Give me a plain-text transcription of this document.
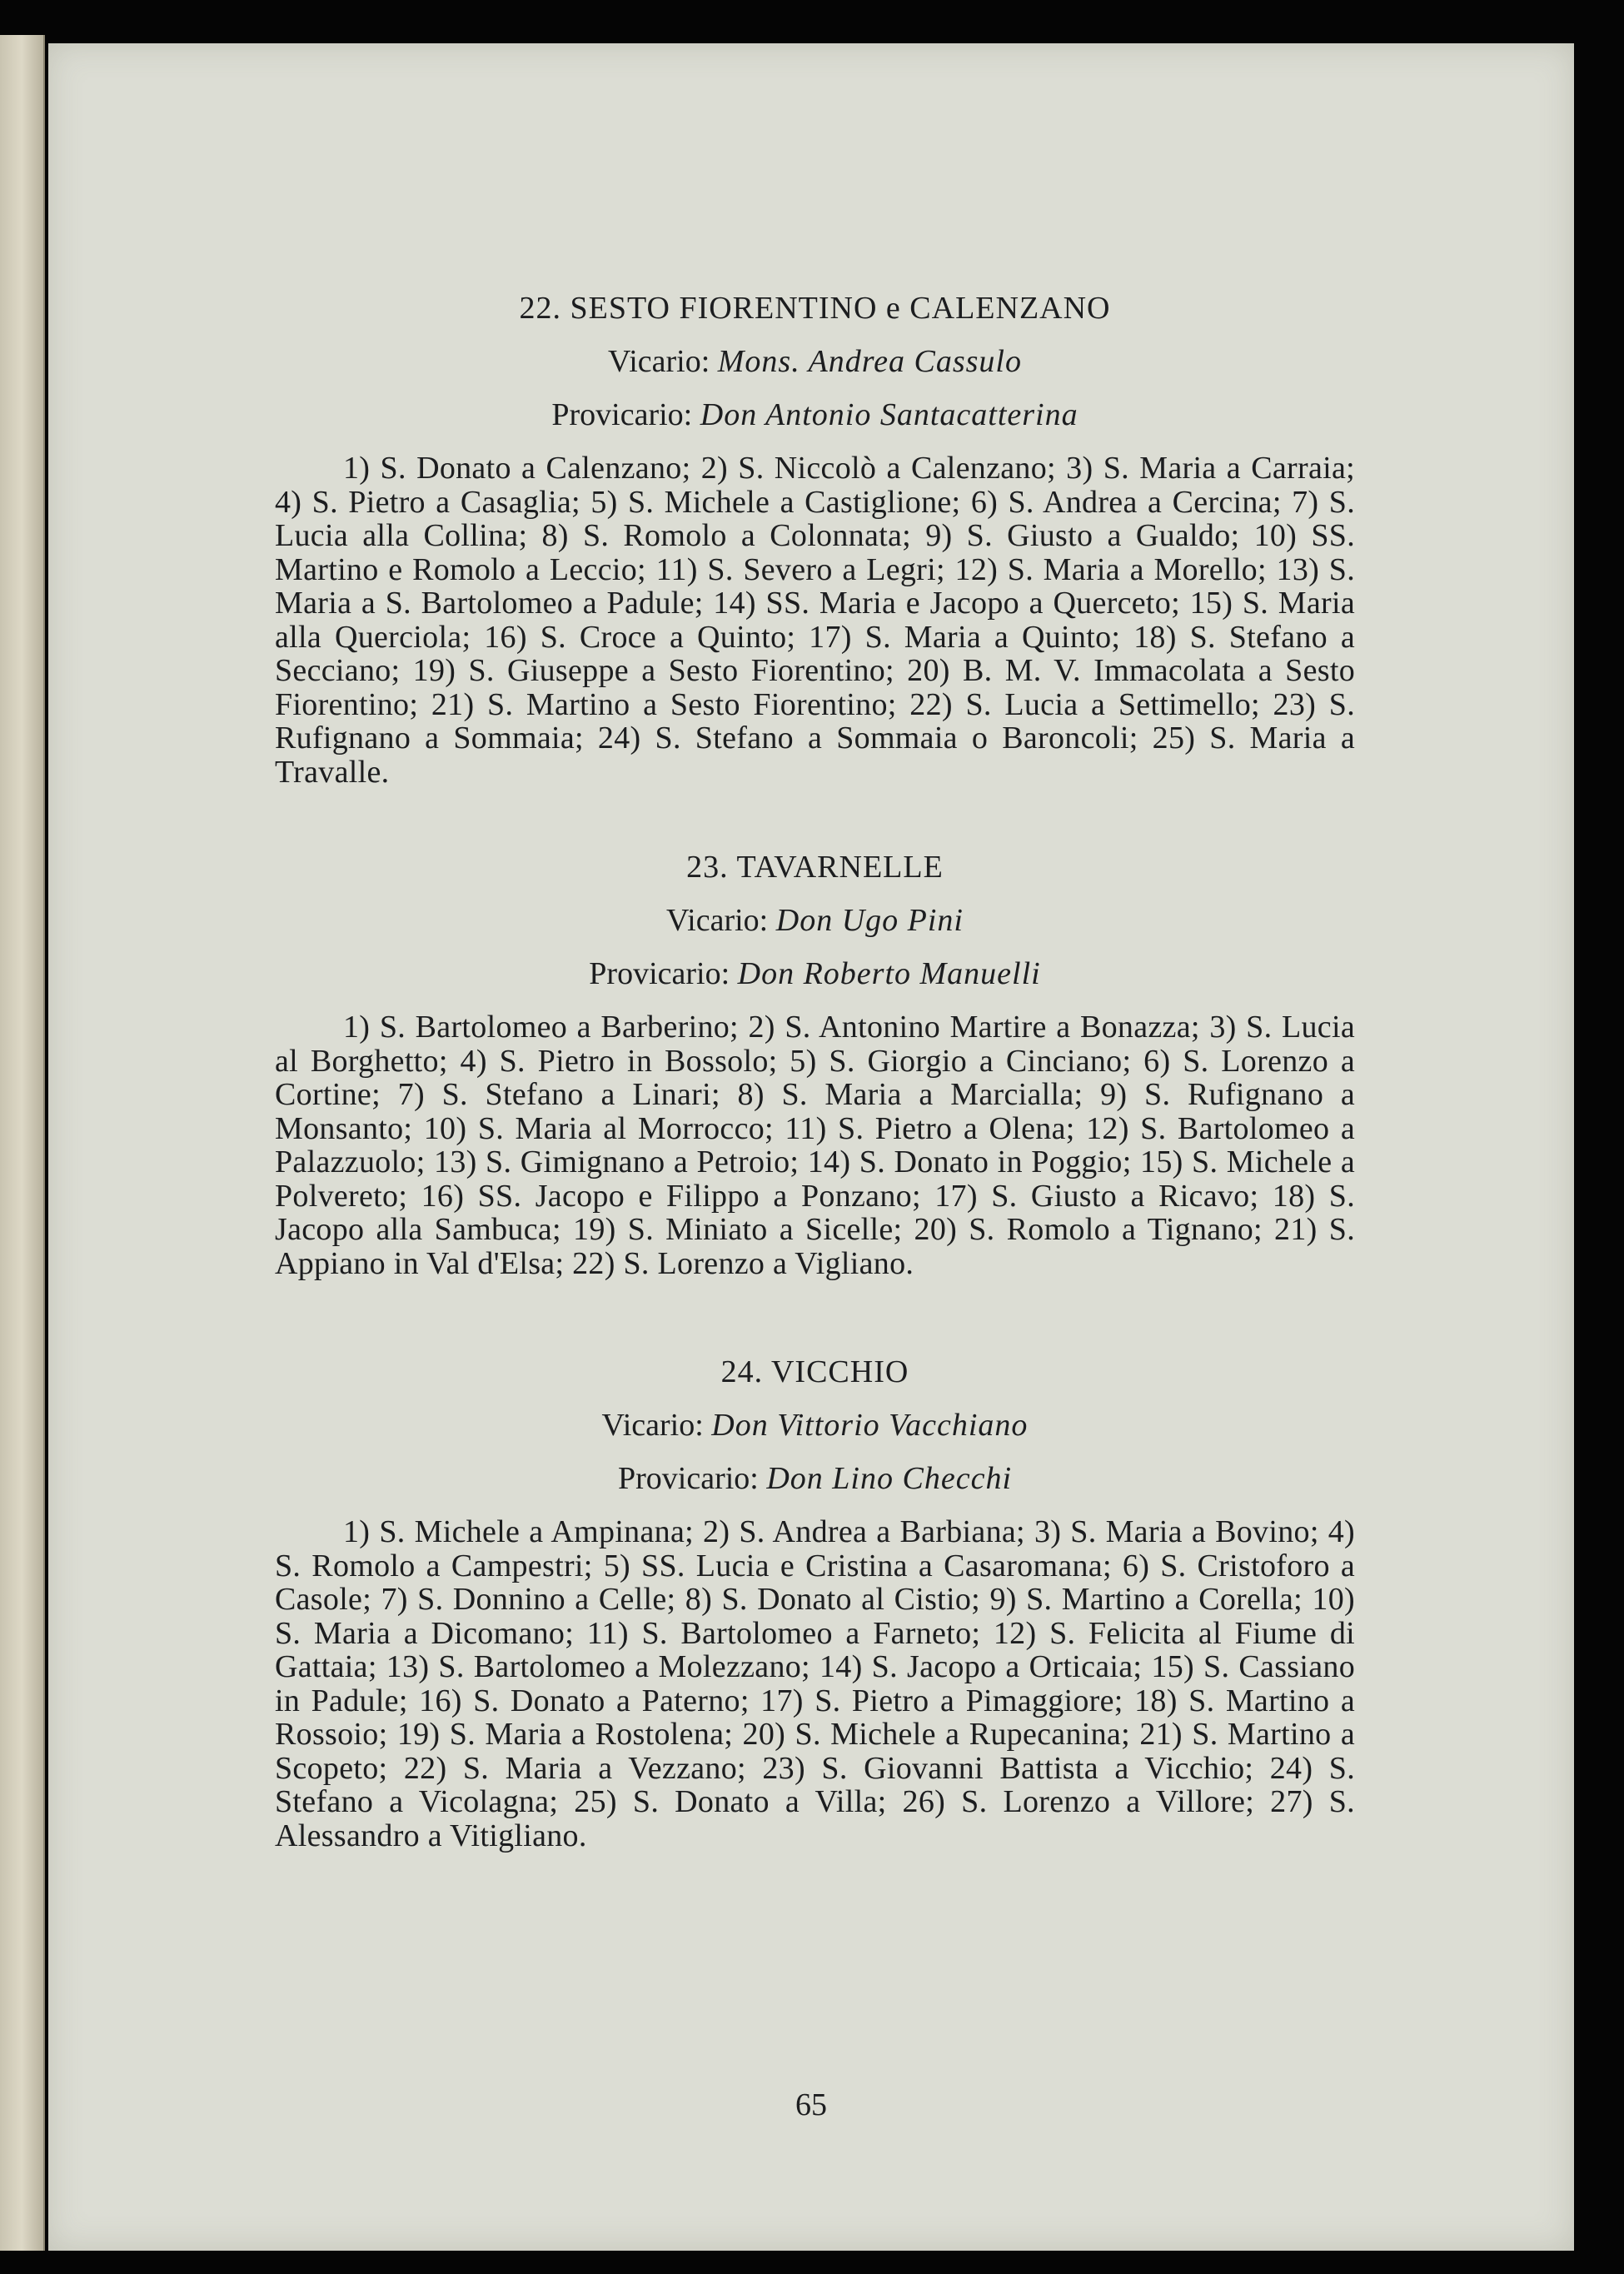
22. SESTO FIORENTINO e CALENZANO

Vicario: Mons. Andrea Cassulo

Provicario: Don Antonio Santacatterina

1) S. Donato a Calenzano; 2) S. Niccolò a Calenzano; 3) S. Maria a Carraia; 4) S. Pietro a Casaglia; 5) S. Michele a Castiglione; 6) S. Andrea a Cercina; 7) S. Lucia alla Collina; 8) S. Romolo a Colonnata; 9) S. Giusto a Gualdo; 10) SS. Martino e Romolo a Leccio; 11) S. Severo a Legri; 12) S. Maria a Morello; 13) S. Maria a S. Bartolomeo a Padule; 14) SS. Maria e Jacopo a Querceto; 15) S. Maria alla Querciola; 16) S. Croce a Quinto; 17) S. Maria a Quinto; 18) S. Stefano a Secciano; 19) S. Giuseppe a Sesto Fiorentino; 20) B. M. V. Immacolata a Sesto Fiorentino; 21) S. Martino a Sesto Fiorentino; 22) S. Lucia a Settimello; 23) S. Rufignano a Sommaia; 24) S. Stefano a Sommaia o Baroncoli; 25) S. Maria a Travalle.

23. TAVARNELLE

Vicario: Don Ugo Pini

Provicario: Don Roberto Manuelli

1) S. Bartolomeo a Barberino; 2) S. Antonino Martire a Bonazza; 3) S. Lucia al Borghetto; 4) S. Pietro in Bossolo; 5) S. Giorgio a Cinciano; 6) S. Lorenzo a Cortine; 7) S. Stefano a Linari; 8) S. Maria a Marcialla; 9) S. Rufignano a Monsanto; 10) S. Maria al Morrocco; 11) S. Pietro a Olena; 12) S. Bartolomeo a Palazzuolo; 13) S. Gimignano a Petroio; 14) S. Donato in Poggio; 15) S. Michele a Polvereto; 16) SS. Jacopo e Filippo a Ponzano; 17) S. Giusto a Ricavo; 18) S. Jacopo alla Sambuca; 19) S. Miniato a Sicelle; 20) S. Romolo a Tignano; 21) S. Appiano in Val d'Elsa; 22) S. Lorenzo a Vigliano.

24. VICCHIO

Vicario: Don Vittorio Vacchiano

Provicario: Don Lino Checchi

1) S. Michele a Ampinana; 2) S. Andrea a Barbiana; 3) S. Maria a Bovino; 4) S. Romolo a Campestri; 5) SS. Lucia e Cristina a Casaromana; 6) S. Cristoforo a Casole; 7) S. Donnino a Celle; 8) S. Donato al Cistio; 9) S. Martino a Corella; 10) S. Maria a Dicomano; 11) S. Bartolomeo a Farneto; 12) S. Felicita al Fiume di Gattaia; 13) S. Bartolomeo a Molezzano; 14) S. Jacopo a Orticaia; 15) S. Cassiano in Padule; 16) S. Donato a Paterno; 17) S. Pietro a Pimaggiore; 18) S. Martino a Rossoio; 19) S. Maria a Rostolena; 20) S. Michele a Rupecanina; 21) S. Martino a Scopeto; 22) S. Maria a Vezzano; 23) S. Giovanni Battista a Vicchio; 24) S. Stefano a Vicolagna; 25) S. Donato a Villa; 26) S. Lorenzo a Villore; 27) S. Alessandro a Vitigliano.

65
